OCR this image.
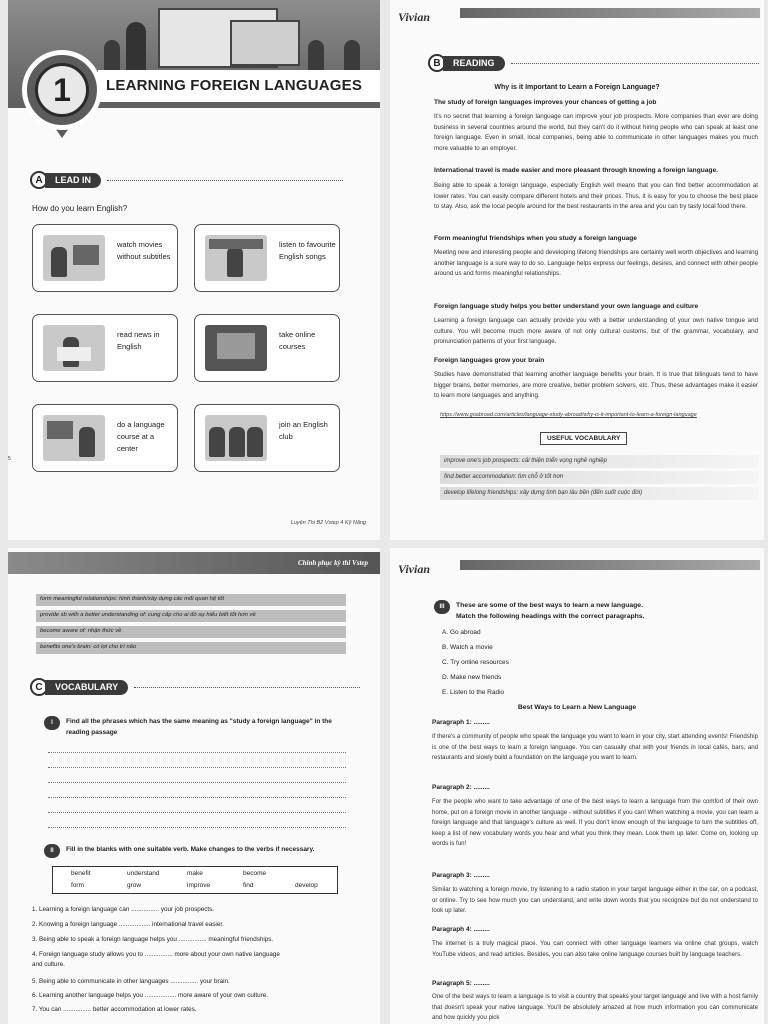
1	LEARNING FOREIGN LANGUAGES
A	LEAD IN
How do you learn English?
watch movies without subtitles
listen to favourite English songs
read news in English
take online courses
do a language course at a center
join an English club
5
Luyện Thi B2 Vstep 4 Kỹ Năng
Vivian
B	READING
Why is it Important to Learn a Foreign Language?
The study of foreign languages improves your chances of getting a job
It's no secret that learning a foreign language can improve your job prospects. More companies than ever are doing business in several countries around the world, but they can't do it without hiring people who can speak at least one foreign language. Even in small, local companies, being able to communicate in other languages makes you much more valuable to an employer.
International travel is made easier and more pleasant through knowing a foreign language.
Being able to speak a foreign language, especially English well means that you can find better accommodation at lower rates. You can easily compare different hotels and their prices. Thus, it is easy for you to choose the best place to stay. Also, ask the local people around for the best restaurants in the area and you can try tasty local food there.
Form meaningful friendships when you study a foreign language
Meeting new and interesting people and developing lifelong friendships are certainly well worth objectives and learning another language is a sure way to do so. Language helps express our feelings, desires, and connect with other people around us and forms meaningful relationships.
Foreign language study helps you better understand your own language and culture
Learning a foreign language can actually provide you with a better understanding of your own native tongue and culture. You will become much more aware of not only cultural customs, but of the grammar, vocabulary, and pronunciation patterns of your first language.
Foreign languages grow your brain
Studies have demonstrated that learning another language benefits your brain. It is true that bilinguals tend to have bigger brains, better memories, are more creative, better problem solvers, etc. Thus, these advantages make it easier to learn more languages and anything.
https://www.goabroad.com/articles/language-study-abroad/why-is-it-important-to-learn-a-foreign-language
USEFUL VOCABULARY
improve one's job prospects: cải thiện triển vọng nghề nghiệp
find better accommodation: tìm chỗ ở tốt hơn
develop lifelong friendships: xây dựng tình bạn lâu bền (đến suốt cuộc đời)
Chinh phục kỳ thi Vstep
form meaningful relationships: hình thành/xây dựng các mối quan hệ tốt
provide sb with a better understanding of: cung cấp cho ai đó sự hiểu biết tốt hơn về
become aware of: nhận thức về
benefits one's brain: có lợi cho trí não
C	VOCABULARY
I	Find all the phrases which has the same meaning as "study a foreign language" in the reading passage
II	Fill in the blanks with one suitable verb. Make changes to the verbs if necessary.
benefit	understand	make	become
form	grow	improve	find	develop
1. Learning a foreign language can ................ your job prospects.
2. Knowing a foreign language .................. international travel easier.
3. Being able to speak a foreign language helps you ................ meaningful friendships.
4. Foreign language study allows you to ................ more about your own native language
and culture.
5. Being able to communicate in other languages ................ your brain.
6. Learning another language helps you .................. more aware of your own culture.
7. You can ................ better accommodation at lower rates.
Vivian
III	These are some of the best ways to learn a new language.
Match the following headings with the correct paragraphs.
A. Go abroad
B. Watch a movie
C. Try online resources
D. Make new friends
E. Listen to the Radio
Best Ways to Learn a New Language
Paragraph 1: .........
If there's a community of people who speak the language you want to learn in your city, start attending events! Friendship is one of the best ways to learn a foreign language. You can casually chat with your friends in local cafés, bars, and restaurants and slowly build a foundation on the language you want to learn.
Paragraph 2: .........
For the people who want to take advantage of one of the best ways to learn a language from the comfort of their own home, put on a foreign movie in another language - without subtitles if you can! When watching a movie, you can learn a foreign language and that language's culture as well. If you don't know enough of the language to turn the subtitles off, keep a list of new vocabulary words you hear and what you think they mean. Look them up later. Come on, looking up words is fun!
Paragraph 3: .........
Similar to watching a foreign movie, try listening to a radio station in your target language either in the car, on a podcast, or online. Try to see how much you can understand, and write down words that you recognize but do not understand to look up later.
Paragraph 4: .........
The internet is a truly magical place. You can connect with other language learners via online chat groups, watch YouTube videos, and read articles. Besides, you can also take online language courses built by language teachers.
Paragraph 5: .........
One of the best ways to learn a language is to visit a country that speaks your target language and live with a host family that doesn't speak your native language. You'll be absolutely amazed at how much information you can communicate and how quickly you pick
